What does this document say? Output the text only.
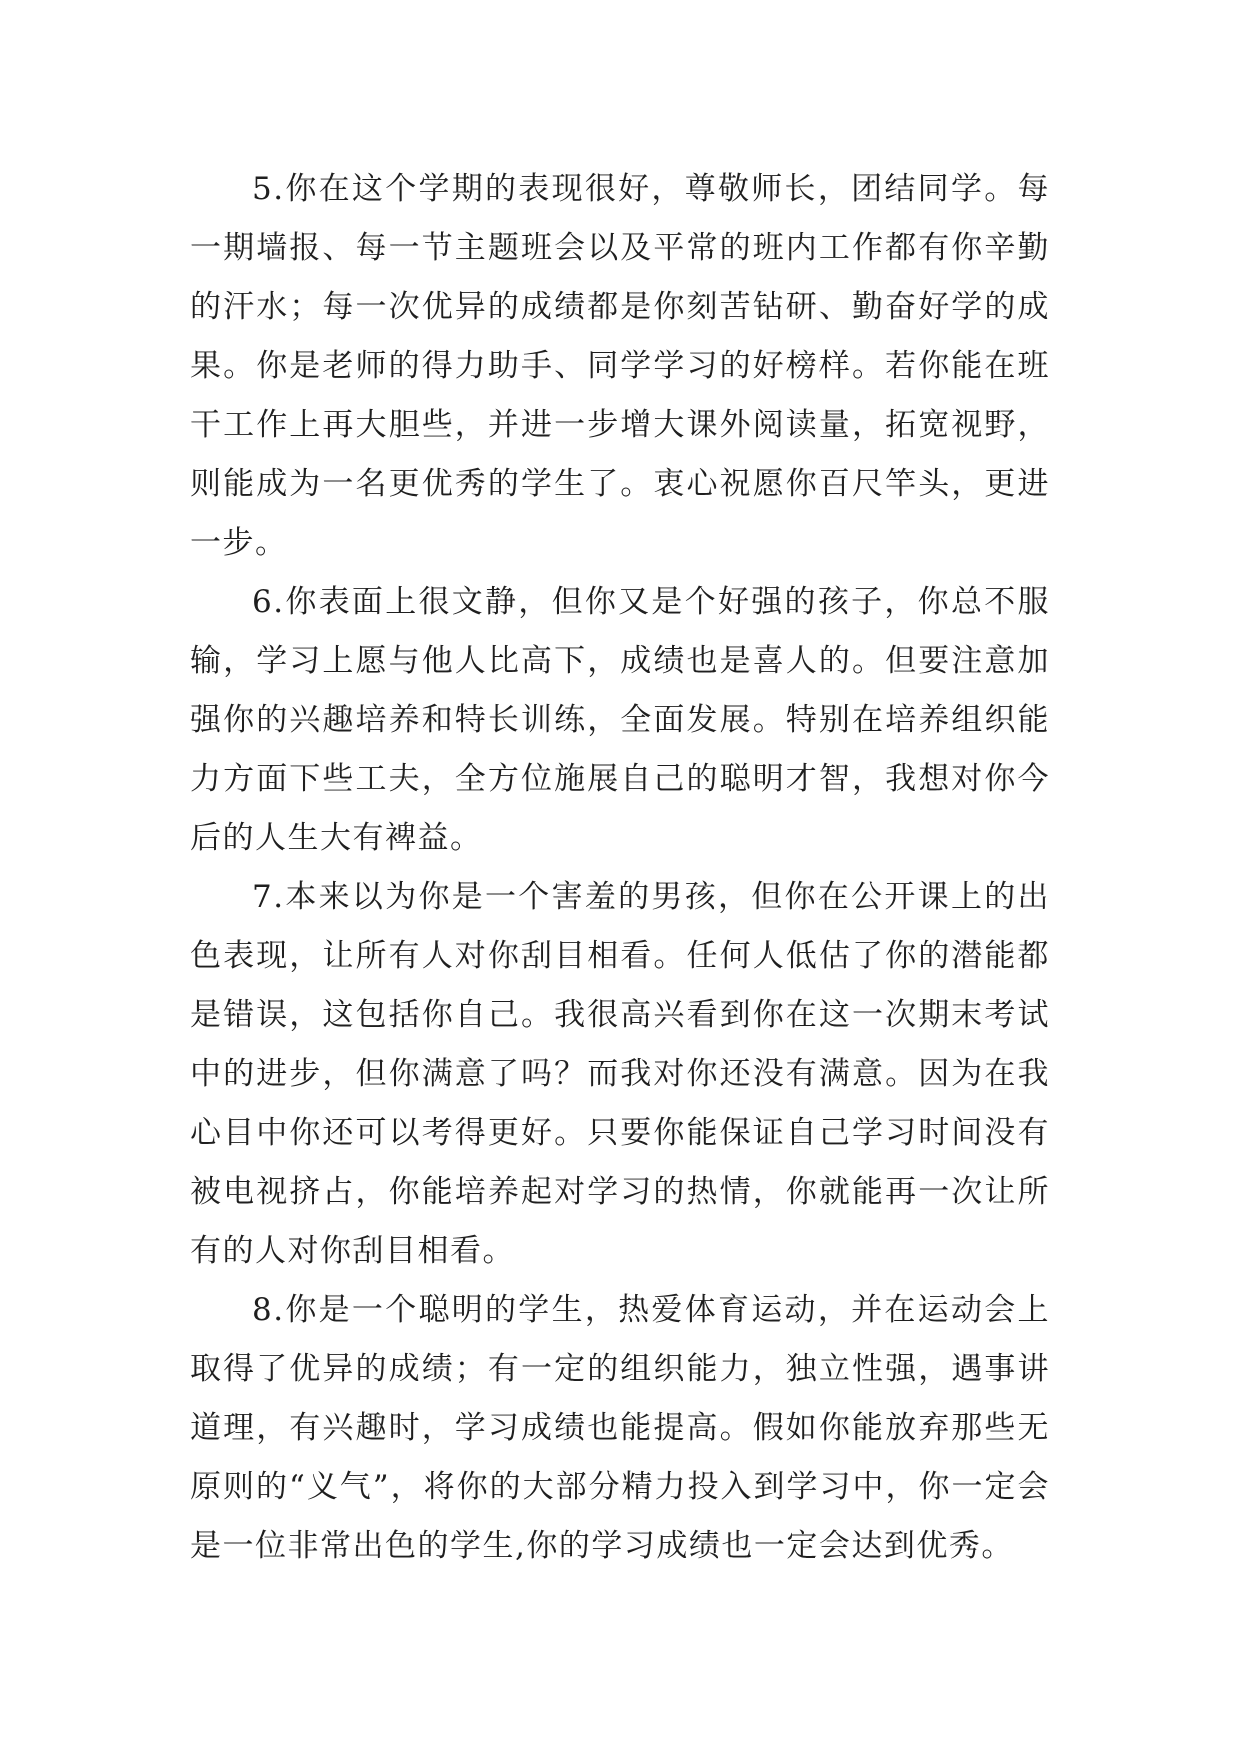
5.你在这个学期的表现很好，尊敬师长，团结同学。每一期墙报、每一节主题班会以及平常的班内工作都有你辛勤的汗水；每一次优异的成绩都是你刻苦钻研、勤奋好学的成果。你是老师的得力助手、同学学习的好榜样。若你能在班干工作上再大胆些，并进一步增大课外阅读量，拓宽视野，则能成为一名更优秀的学生了。衷心祝愿你百尺竿头，更进一步。

6.你表面上很文静，但你又是个好强的孩子，你总不服输，学习上愿与他人比高下，成绩也是喜人的。但要注意加强你的兴趣培养和特长训练，全面发展。特别在培养组织能力方面下些工夫，全方位施展自己的聪明才智，我想对你今后的人生大有裨益。

7.本来以为你是一个害羞的男孩，但你在公开课上的出色表现，让所有人对你刮目相看。任何人低估了你的潜能都是错误，这包括你自己。我很高兴看到你在这一次期末考试中的进步，但你满意了吗？而我对你还没有满意。因为在我心目中你还可以考得更好。只要你能保证自己学习时间没有被电视挤占，你能培养起对学习的热情，你就能再一次让所有的人对你刮目相看。

8.你是一个聪明的学生，热爱体育运动，并在运动会上取得了优异的成绩；有一定的组织能力，独立性强，遇事讲道理，有兴趣时，学习成绩也能提高。假如你能放弃那些无原则的“义气”，将你的大部分精力投入到学习中，你一定会是一位非常出色的学生,你的学习成绩也一定会达到优秀。
